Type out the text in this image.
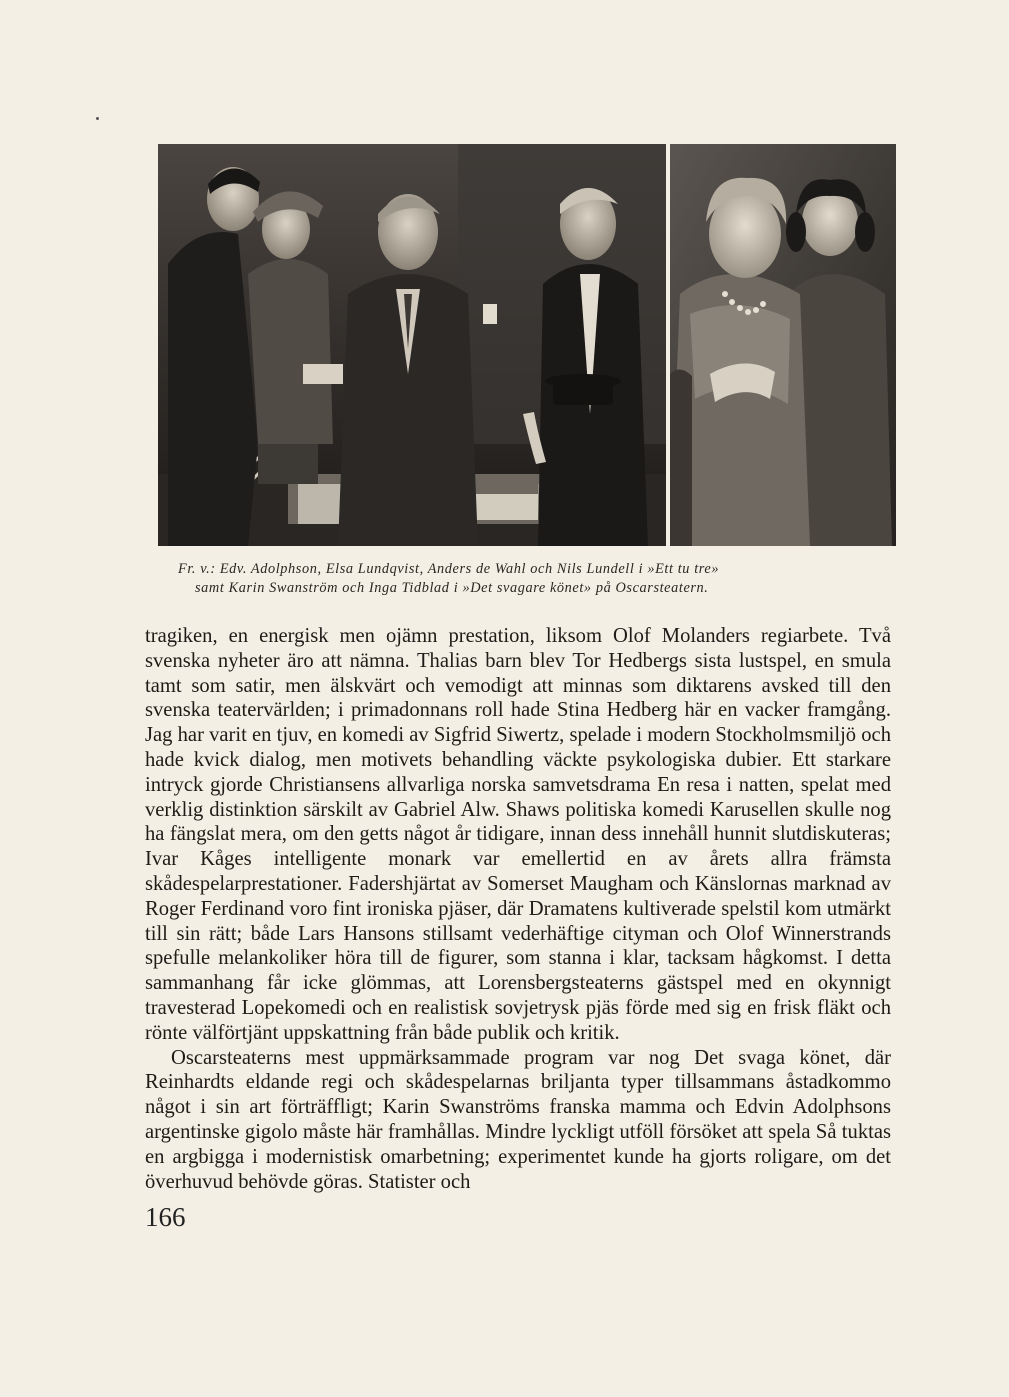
Fr. v.: Edv. Adolphson, Elsa Lundqvist, Anders de Wahl och Nils Lundell i »Ett tu tre»
samt Karin Swanström och Inga Tidblad i »Det svagare könet» på Oscarsteatern.

tragiken, en energisk men ojämn prestation, liksom Olof Molanders regiarbete. Två svenska nyheter äro att nämna. Thalias barn blev Tor Hedbergs sista lustspel, en smula tamt som satir, men älskvärt och vemodigt att minnas som diktarens avsked till den svenska teatervärlden; i primadonnans roll hade Stina Hedberg här en vacker framgång. Jag har varit en tjuv, en komedi av Sigfrid Siwertz, spelade i modern Stockholmsmiljö och hade kvick dialog, men motivets behandling väckte psykologiska dubier. Ett starkare intryck gjorde Christiansens allvarliga norska samvetsdrama En resa i natten, spelat med verklig distinktion särskilt av Gabriel Alw. Shaws politiska komedi Karusellen skulle nog ha fängslat mera, om den getts något år tidigare, innan dess innehåll hunnit slutdiskuteras; Ivar Kåges intelligente monark var emellertid en av årets allra främsta skådespelarprestationer. Fadershjärtat av Somerset Maugham och Känslornas marknad av Roger Ferdinand voro fint ironiska pjäser, där Dramatens kultiverade spelstil kom utmärkt till sin rätt; både Lars Hansons stillsamt vederhäftige cityman och Olof Winnerstrands spefulle melankoliker höra till de figurer, som stanna i klar, tacksam hågkomst. I detta sammanhang får icke glömmas, att Lorensbergsteaterns gästspel med en okynnigt travesterad Lopekomedi och en realistisk sovjetrysk pjäs förde med sig en frisk fläkt och rönte välförtjänt uppskattning från både publik och kritik.

Oscarsteaterns mest uppmärksammade program var nog Det svaga könet, där Reinhardts eldande regi och skådespelarnas briljanta typer tillsammans åstadkommo något i sin art förträffligt; Karin Swanströms franska mamma och Edvin Adolphsons argentinske gigolo måste här framhållas. Mindre lyckligt utföll försöket att spela Så tuktas en argbigga i modernistisk omarbetning; experimentet kunde ha gjorts roligare, om det överhuvud behövde göras. Statister och

166
